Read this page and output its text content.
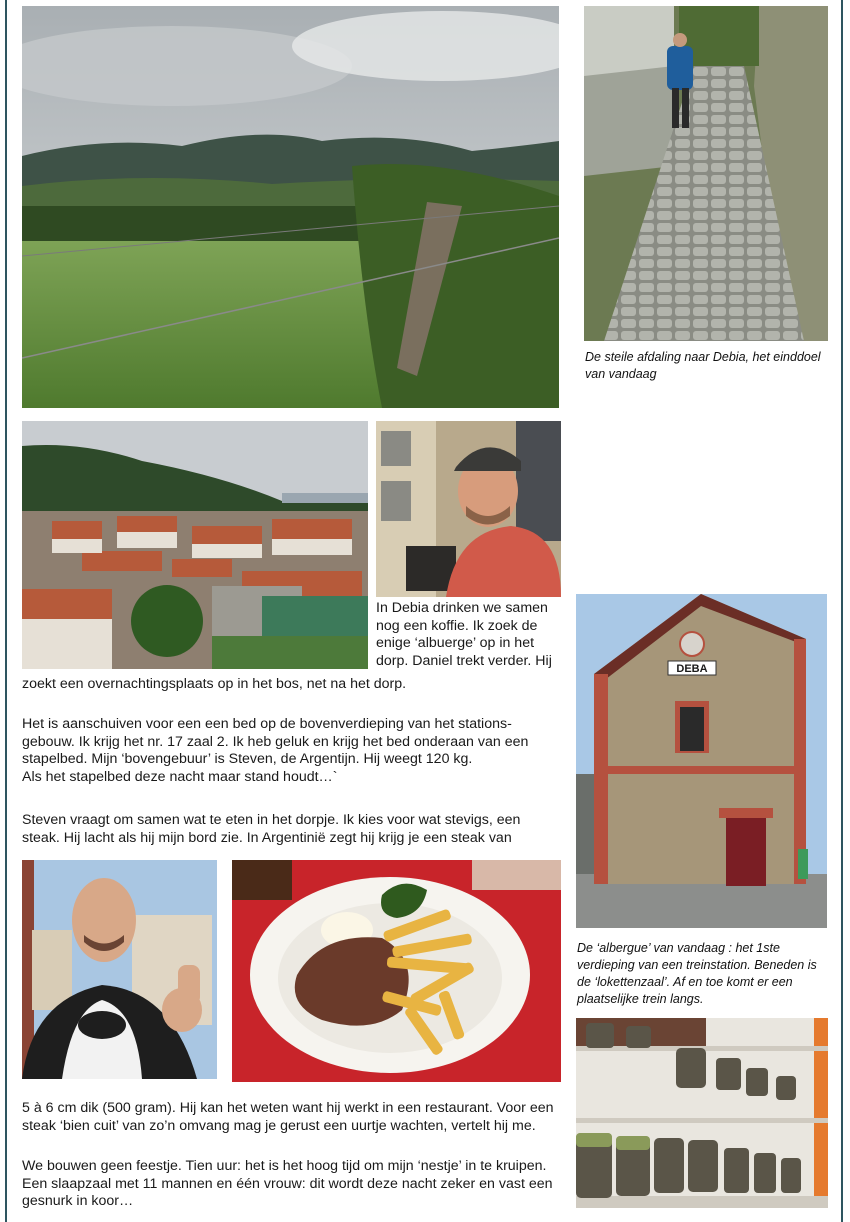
De steile afdaling naar Debia, het einddoel van vandaag

In Debia drinken we samen nog een koffie. Ik zoek de enige ‘albuerge’ op in het dorp. Daniel trekt verder. Hij

zoekt een overnachtingsplaats op in het bos, net na het dorp.

Het is aanschuiven voor een een bed op de bovenverdieping van het stations-gebouw. Ik krijg het nr. 17 zaal 2. Ik heb geluk en krijg het bed onderaan van een stapelbed. Mijn ‘bovengebuur’ is Steven, de Argentijn. Hij weegt 120 kg.

Als het stapelbed deze nacht maar stand houdt…`

Steven vraagt om samen wat te eten in het dorpje. Ik kies voor wat stevigs, een steak. Hij lacht als hij mijn bord zie. In Argentinië zegt hij krijg je een steak van

DEBA
De ‘albergue’ van vandaag : het 1ste verdieping van een treinstation. Beneden is de ‘lokettenzaal’. Af en toe komt er een plaatselijke trein langs.

5 à 6 cm dik (500 gram). Hij kan het weten want hij werkt in een restaurant. Voor een steak ‘bien cuit’ van zo’n omvang mag je gerust een uurtje wachten, vertelt hij me.

We bouwen geen feestje. Tien uur: het is het hoog tijd om mijn ‘nestje’ in te kruipen. Een slaapzaal met 11 mannen en één vrouw: dit wordt deze nacht zeker en vast een gesnurk in koor…
